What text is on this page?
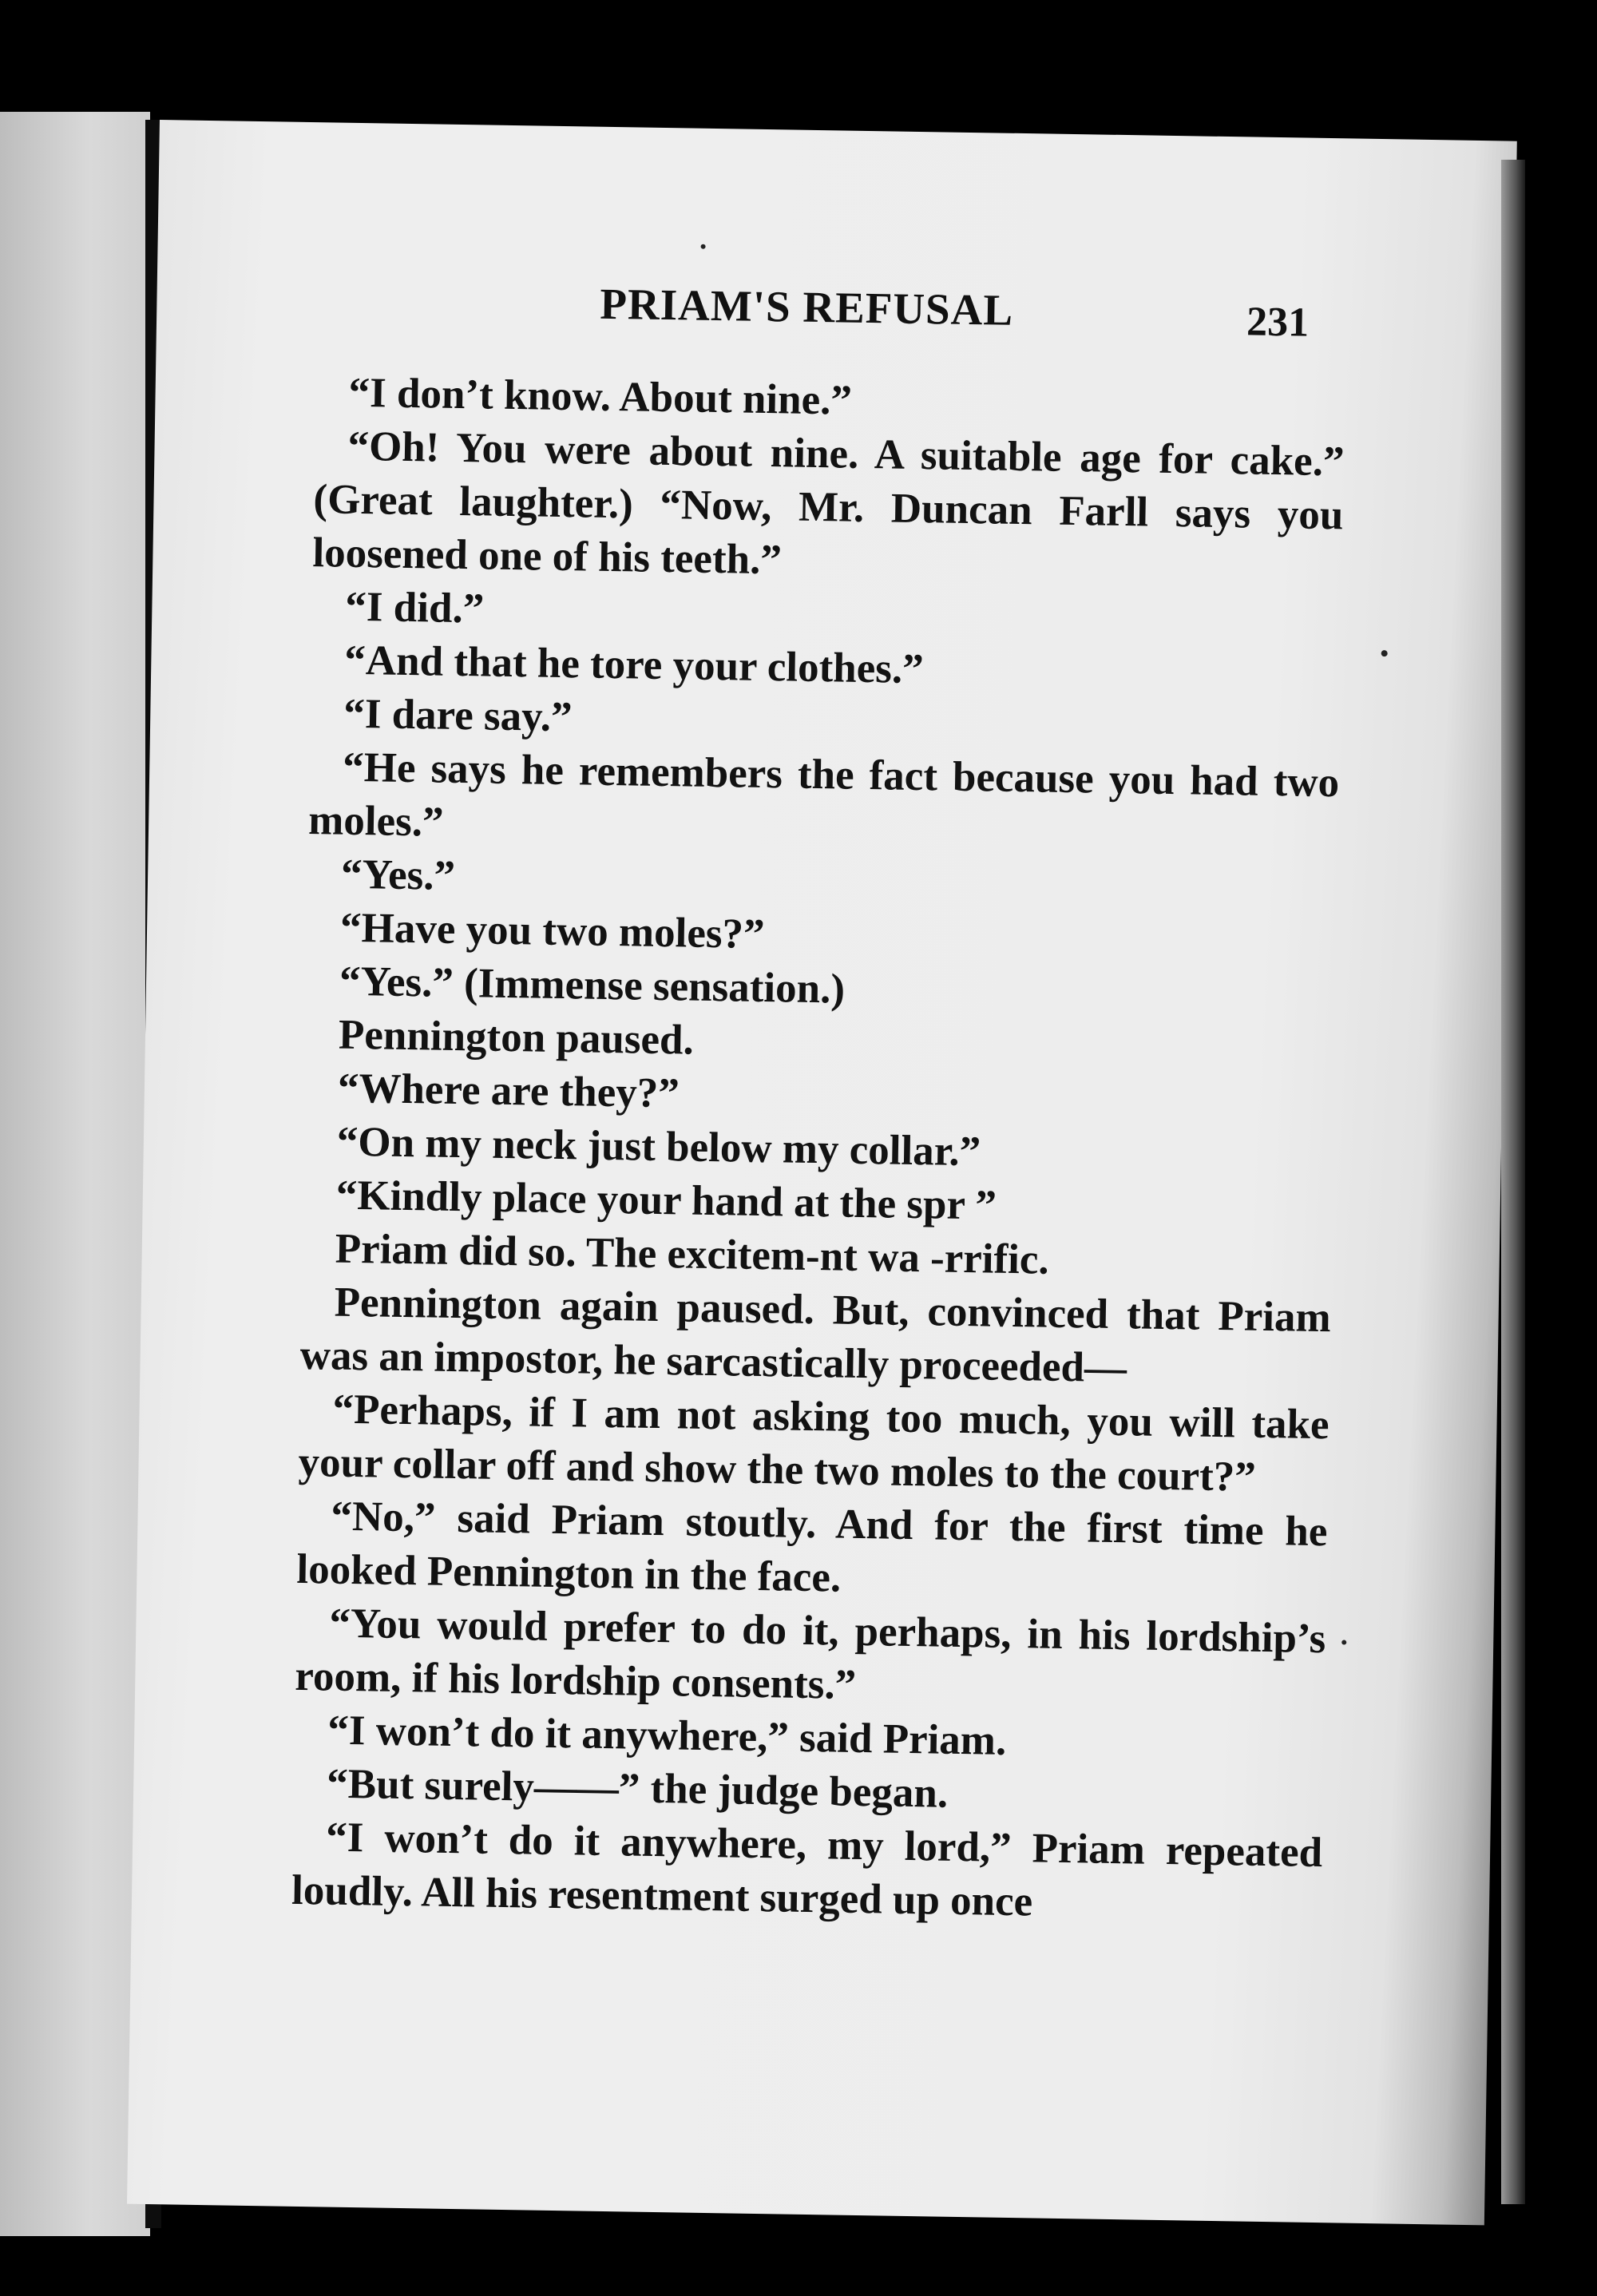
PRIAM'S REFUSAL	231

“I don’t know. About nine.”

“Oh! You were about nine. A suitable age for cake.” (Great laughter.) “Now, Mr. Duncan Farll says you loosened one of his teeth.”

“I did.”

“And that he tore your clothes.”

“I dare say.”

“He says he remembers the fact because you had two moles.”

“Yes.”

“Have you two moles?”

“Yes.” (Immense sensation.)

Pennington paused.

“Where are they?”

“On my neck just below my collar.”

“Kindly place your hand at the spr ”

Priam did so. The excitem‑nt wa ‑rrific.

Pennington again paused. But, convinced that Priam was an impostor, he sarcastically proceeded—

“Perhaps, if I am not asking too much, you will take your collar off and show the two moles to the court?”

“No,” said Priam stoutly. And for the first time he looked Pennington in the face.

“You would prefer to do it, perhaps, in his lordship’s room, if his lordship consents.”

“I won’t do it anywhere,” said Priam.

“But surely——” the judge began.

“I won’t do it anywhere, my lord,” Priam repeated loudly. All his resentment surged up once
